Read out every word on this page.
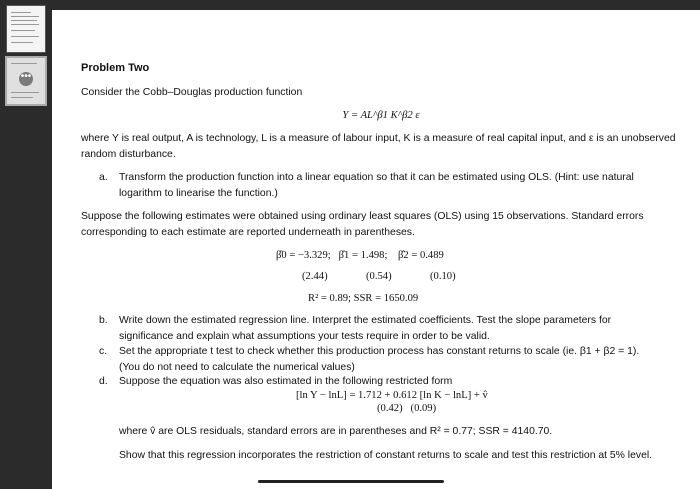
•••
Problem Two
Consider the Cobb–Douglas production function
Y = AL^β1 K^β2 ε
where Y is real output, A is technology, L is a measure of labour input, K is a measure of real capital input, and ε is an unobserved random disturbance.
a. Transform the production function into a linear equation so that it can be estimated using OLS. (Hint: use natural logarithm to linearise the function.)
Suppose the following estimates were obtained using ordinary least squares (OLS) using 15 observations. Standard errors corresponding to each estimate are reported underneath in parentheses.
β̂0 = −3.329; β̂1 = 1.498; β̂2 = 0.489
(2.44)	(0.54)	(0.10)
R² = 0.89; SSR = 1650.09
b. Write down the estimated regression line. Interpret the estimated coefficients. Test the slope parameters for significance and explain what assumptions your tests require in order to be valid.
c. Set the appropriate t test to check whether this production process has constant returns to scale (ie. β1 + β2 = 1). (You do not need to calculate the numerical values)
d. Suppose the equation was also estimated in the following restricted form
[ln Y − lnL] = 1.712 + 0.612 [ln K − lnL] + v̂
(0.42)   (0.09)
where v̂ are OLS residuals, standard errors are in parentheses and R² = 0.77; SSR = 4140.70.
Show that this regression incorporates the restriction of constant returns to scale and test this restriction at 5% level.
